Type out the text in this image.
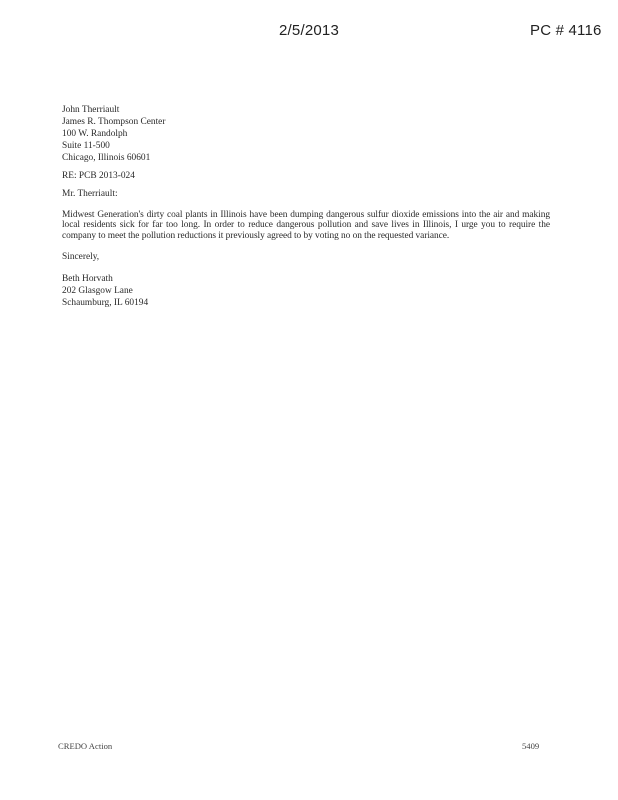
2/5/2013	PC # 4116
John Therriault
James R. Thompson Center
100 W. Randolph
Suite 11-500
Chicago, Illinois 60601
RE: PCB 2013-024
Mr. Therriault:

Midwest Generation's dirty coal plants in Illinois have been dumping dangerous sulfur dioxide emissions into the air and making local residents sick for far too long. In order to reduce dangerous pollution and save lives in Illinois, I urge you to require the company to meet the pollution reductions it previously agreed to by voting no on the requested variance.

Sincerely,
Beth Horvath
202 Glasgow Lane
Schaumburg, IL 60194
CREDO Action	5409
